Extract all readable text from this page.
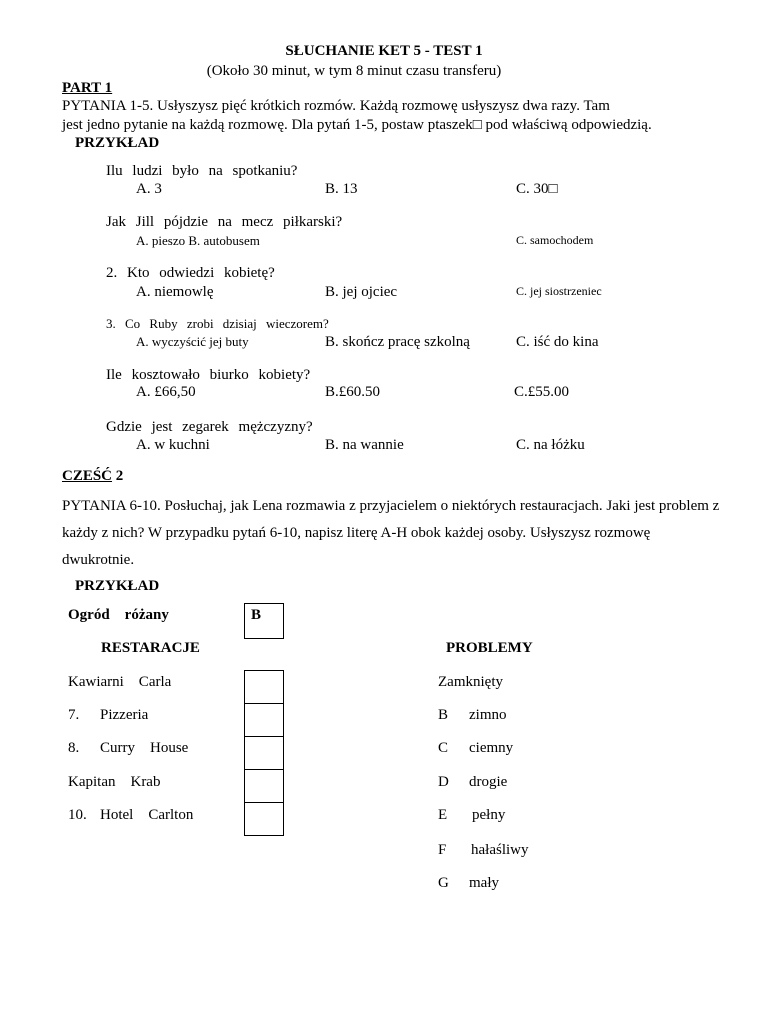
SŁUCHANIE KET 5 - TEST 1
(Około 30 minut, w tym 8 minut czasu transferu)
PART 1
PYTANIA 1-5. Usłyszysz pięć krótkich rozmów. Każdą rozmowę usłyszysz dwa razy. Tam
jest jedno pytanie na każdą rozmowę. Dla pytań 1-5, postaw ptaszek□ pod właściwą odpowiedzią.
PRZYKŁAD
Ilu ludzi było na spotkaniu?
A. 3	B. 13	C. 30□
Jak Jill pójdzie na mecz piłkarski?
A. pieszo B. autobusem	C. samochodem
2. Kto odwiedzi kobietę?
A. niemowlę	B. jej ojciec	C. jej siostrzeniec
3. Co Ruby zrobi dzisiaj wieczorem?
A. wyczyścić jej buty	B. skończ pracę szkolną	C. iść do kina
Ile kosztowało biurko kobiety?
A. £66,50	B.£60.50	C.£55.00
Gdzie jest zegarek mężczyzny?
A. w kuchni	B. na wannie	C. na łóżku
CZEŚĆ 2
PYTANIA 6-10. Posłuchaj, jak Lena rozmawia z przyjacielem o niektórych restauracjach. Jaki jest problem z
każdy z nich? W przypadku pytań 6-10, napisz literę A-H obok każdej osoby. Usłyszysz rozmowę
dwukrotnie.
PRZYKŁAD
Ogród    różany	B
RESTARACJE	PROBLEMY
Kawiarni    Carla
7. Pizzeria
8. Curry    House
Kapitan    Krab
10. Hotel    Carlton
Zamknięty
B zimno
C ciemny
D drogie
E pełny
F hałaśliwy
G mały
